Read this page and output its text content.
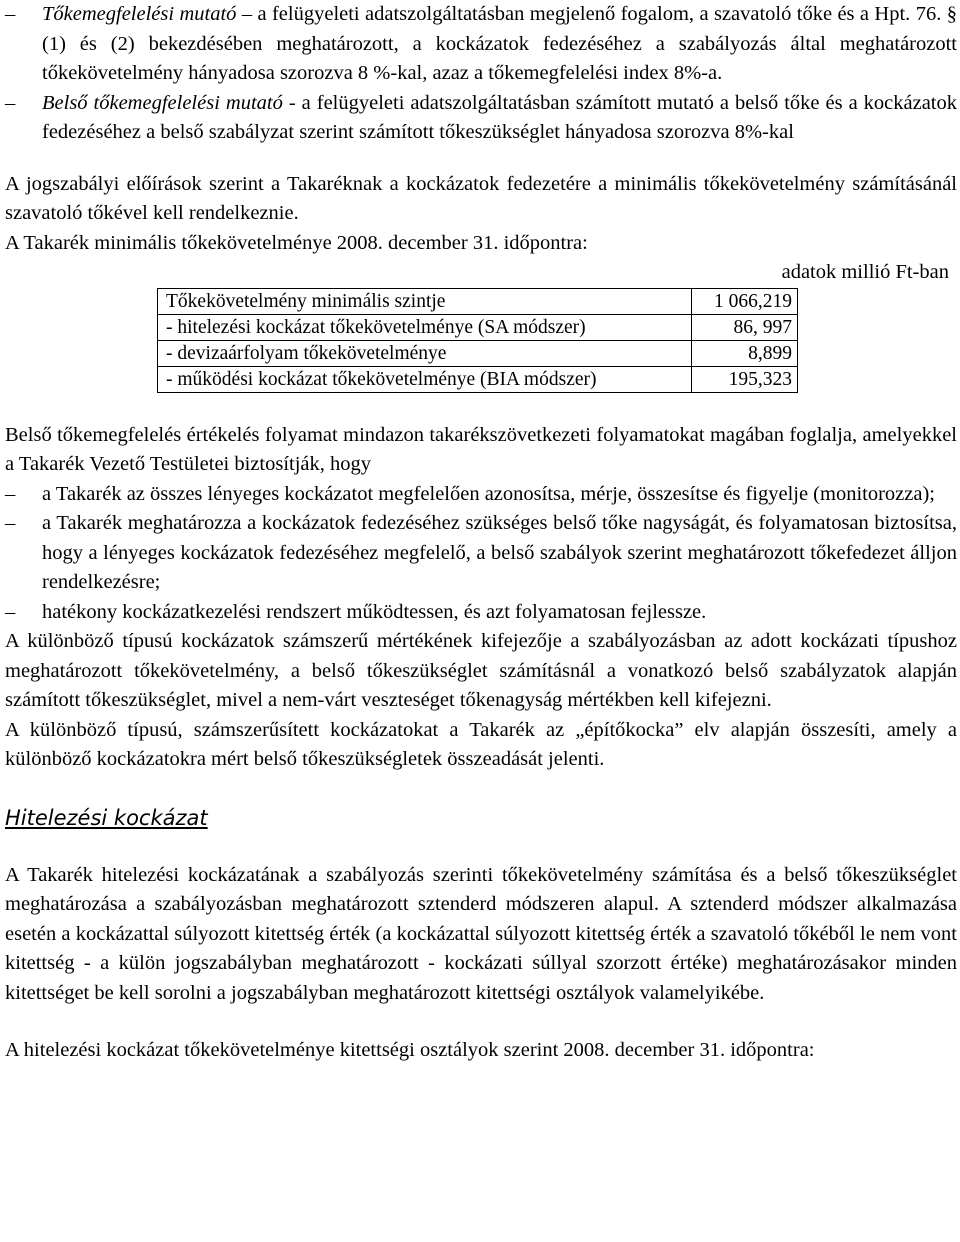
–	Tőkemegfelelési mutató – a felügyeleti adatszolgáltatásban megjelenő fogalom, a szavatoló tőke és a Hpt. 76. § (1) és (2) bekezdésében meghatározott, a kockázatok fedezéséhez a szabályozás által meghatározott tőkekövetelmény hányadosa szorozva 8 %-kal, azaz a tőkemegfelelési index 8%-a.
–	Belső tőkemegfelelési mutató - a felügyeleti adatszolgáltatásban számított mutató a belső tőke és a kockázatok fedezéséhez a belső szabályzat szerint számított tőkeszükséglet hányadosa szorozva 8%-kal

A jogszabályi előírások szerint a Takaréknak a kockázatok fedezetére a minimális tőkekövetelmény számításánál szavatoló tőkével kell rendelkeznie.

A Takarék minimális tőkekövetelménye 2008. december 31. időpontra:

adatok millió Ft-ban

Tőkekövetelmény minimális szintje	1 066,219
- hitelezési kockázat tőkekövetelménye (SA módszer)	86, 997
- devizaárfolyam tőkekövetelménye	8,899
- működési kockázat tőkekövetelménye (BIA módszer)	195,323

Belső tőkemegfelelés értékelés folyamat mindazon takarékszövetkezeti folyamatokat magában foglalja, amelyekkel a Takarék Vezető Testületei biztosítják, hogy

–	a Takarék az összes lényeges kockázatot megfelelően azonosítsa, mérje, összesítse és figyelje (monitorozza);
–	a Takarék meghatározza a kockázatok fedezéséhez szükséges belső tőke nagyságát, és folyamatosan biztosítsa, hogy a lényeges kockázatok fedezéséhez megfelelő, a belső szabályok szerint meghatározott tőkefedezet álljon rendelkezésre;
–	hatékony kockázatkezelési rendszert működtessen, és azt folyamatosan fejlessze.

A különböző típusú kockázatok számszerű mértékének kifejezője a szabályozásban az adott kockázati típushoz meghatározott tőkekövetelmény, a belső tőkeszükséglet számításnál a vonatkozó belső szabályzatok alapján számított tőkeszükséglet, mivel a nem-várt veszteséget tőkenagyság mértékben kell kifejezni.

A különböző típusú, számszerűsített kockázatokat a Takarék az „építőkocka” elv alapján összesíti, amely a különböző kockázatokra mért belső tőkeszükségletek összeadását jelenti.

Hitelezési kockázat

A Takarék hitelezési kockázatának a szabályozás szerinti tőkekövetelmény számítása és a belső tőkeszükséglet meghatározása a szabályozásban meghatározott sztenderd módszeren alapul. A sztenderd módszer alkalmazása esetén a kockázattal súlyozott kitettség érték (a kockázattal súlyozott kitettség érték a szavatoló tőkéből le nem vont kitettség - a külön jogszabályban meghatározott - kockázati súllyal szorzott értéke) meghatározásakor minden kitettséget be kell sorolni a jogszabályban meghatározott kitettségi osztályok valamelyikébe.

A hitelezési kockázat tőkekövetelménye kitettségi osztályok szerint 2008. december 31. időpontra:
